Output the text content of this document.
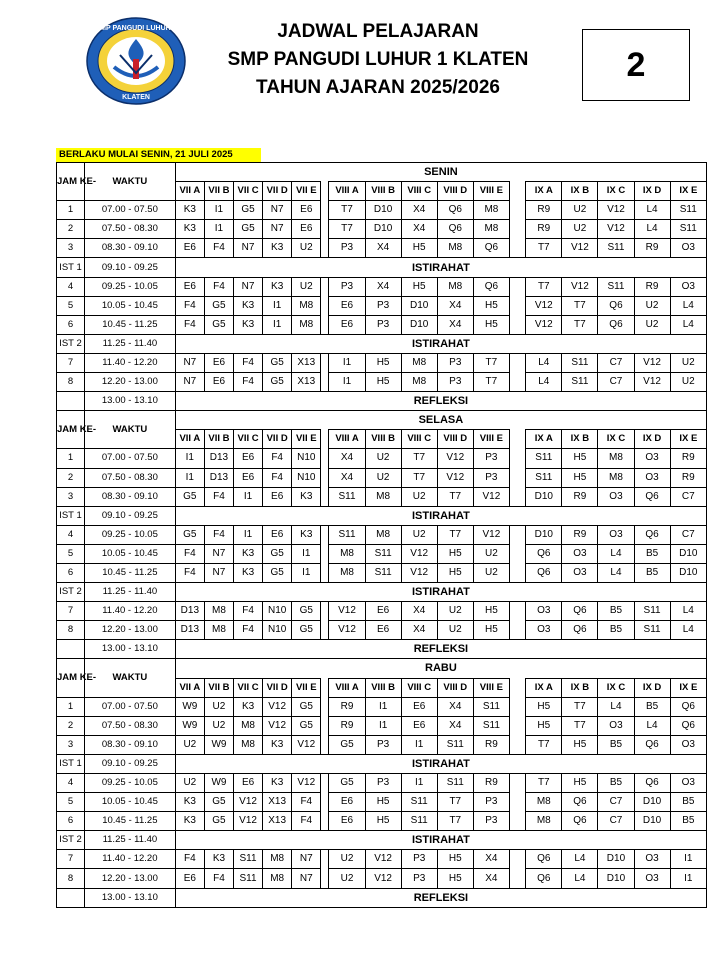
SMP PANGUDI LUHUR 1
KLATEN
JADWAL PELAJARAN
SMP PANGUDI LUHUR 1 KLATEN
TAHUN AJARAN 2025/2026
2
BERLAKU MULAI SENIN, 21 JULI 2025
JAM KE-	WAKTU	SENIN																
		VII A	VII B	VII C	VII D	VII E		VIII A	VIII B	VIII C	VIII D	VIII E		IX A	IX B	IX C	IX D	IX E
1	07.00 - 07.50	K3	I1	G5	N7	E6		T7	D10	X4	Q6	M8		R9	U2	V12	L4	S11
2	07.50 - 08.30	K3	I1	G5	N7	E6		T7	D10	X4	Q6	M8		R9	U2	V12	L4	S11
3	08.30 - 09.10	E6	F4	N7	K3	U2		P3	X4	H5	M8	Q6		T7	V12	S11	R9	O3
IST 1	09.10 - 09.25	ISTIRAHAT																
4	09.25 - 10.05	E6	F4	N7	K3	U2		P3	X4	H5	M8	Q6		T7	V12	S11	R9	O3
5	10.05 - 10.45	F4	G5	K3	I1	M8		E6	P3	D10	X4	H5		V12	T7	Q6	U2	L4
6	10.45 - 11.25	F4	G5	K3	I1	M8		E6	P3	D10	X4	H5		V12	T7	Q6	U2	L4
IST 2	11.25 - 11.40	ISTIRAHAT																
7	11.40 - 12.20	N7	E6	F4	G5	X13		I1	H5	M8	P3	T7		L4	S11	C7	V12	U2
8	12.20 - 13.00	N7	E6	F4	G5	X13		I1	H5	M8	P3	T7		L4	S11	C7	V12	U2
	13.00 - 13.10	REFLEKSI																
JAM KE-	WAKTU	SELASA																
		VII A	VII B	VII C	VII D	VII E		VIII A	VIII B	VIII C	VIII D	VIII E		IX A	IX B	IX C	IX D	IX E
1	07.00 - 07.50	I1	D13	E6	F4	N10		X4	U2	T7	V12	P3		S11	H5	M8	O3	R9
2	07.50 - 08.30	I1	D13	E6	F4	N10		X4	U2	T7	V12	P3		S11	H5	M8	O3	R9
3	08.30 - 09.10	G5	F4	I1	E6	K3		S11	M8	U2	T7	V12		D10	R9	O3	Q6	C7
IST 1	09.10 - 09.25	ISTIRAHAT																
4	09.25 - 10.05	G5	F4	I1	E6	K3		S11	M8	U2	T7	V12		D10	R9	O3	Q6	C7
5	10.05 - 10.45	F4	N7	K3	G5	I1		M8	S11	V12	H5	U2		Q6	O3	L4	B5	D10
6	10.45 - 11.25	F4	N7	K3	G5	I1		M8	S11	V12	H5	U2		Q6	O3	L4	B5	D10
IST 2	11.25 - 11.40	ISTIRAHAT																
7	11.40 - 12.20	D13	M8	F4	N10	G5		V12	E6	X4	U2	H5		O3	Q6	B5	S11	L4
8	12.20 - 13.00	D13	M8	F4	N10	G5		V12	E6	X4	U2	H5		O3	Q6	B5	S11	L4
	13.00 - 13.10	REFLEKSI																
JAM KE-	WAKTU	RABU																
		VII A	VII B	VII C	VII D	VII E		VIII A	VIII B	VIII C	VIII D	VIII E		IX A	IX B	IX C	IX D	IX E
1	07.00 - 07.50	W9	U2	K3	V12	G5		R9	I1	E6	X4	S11		H5	T7	L4	B5	Q6
2	07.50 - 08.30	W9	U2	M8	V12	G5		R9	I1	E6	X4	S11		H5	T7	O3	L4	Q6
3	08.30 - 09.10	U2	W9	M8	K3	V12		G5	P3	I1	S11	R9		T7	H5	B5	Q6	O3
IST 1	09.10 - 09.25	ISTIRAHAT																
4	09.25 - 10.05	U2	W9	E6	K3	V12		G5	P3	I1	S11	R9		T7	H5	B5	Q6	O3
5	10.05 - 10.45	K3	G5	V12	X13	F4		E6	H5	S11	T7	P3		M8	Q6	C7	D10	B5
6	10.45 - 11.25	K3	G5	V12	X13	F4		E6	H5	S11	T7	P3		M8	Q6	C7	D10	B5
IST 2	11.25 - 11.40	ISTIRAHAT																
7	11.40 - 12.20	F4	K3	S11	M8	N7		U2	V12	P3	H5	X4		Q6	L4	D10	O3	I1
8	12.20 - 13.00	E6	F4	S11	M8	N7		U2	V12	P3	H5	X4		Q6	L4	D10	O3	I1
	13.00 - 13.10	REFLEKSI																
